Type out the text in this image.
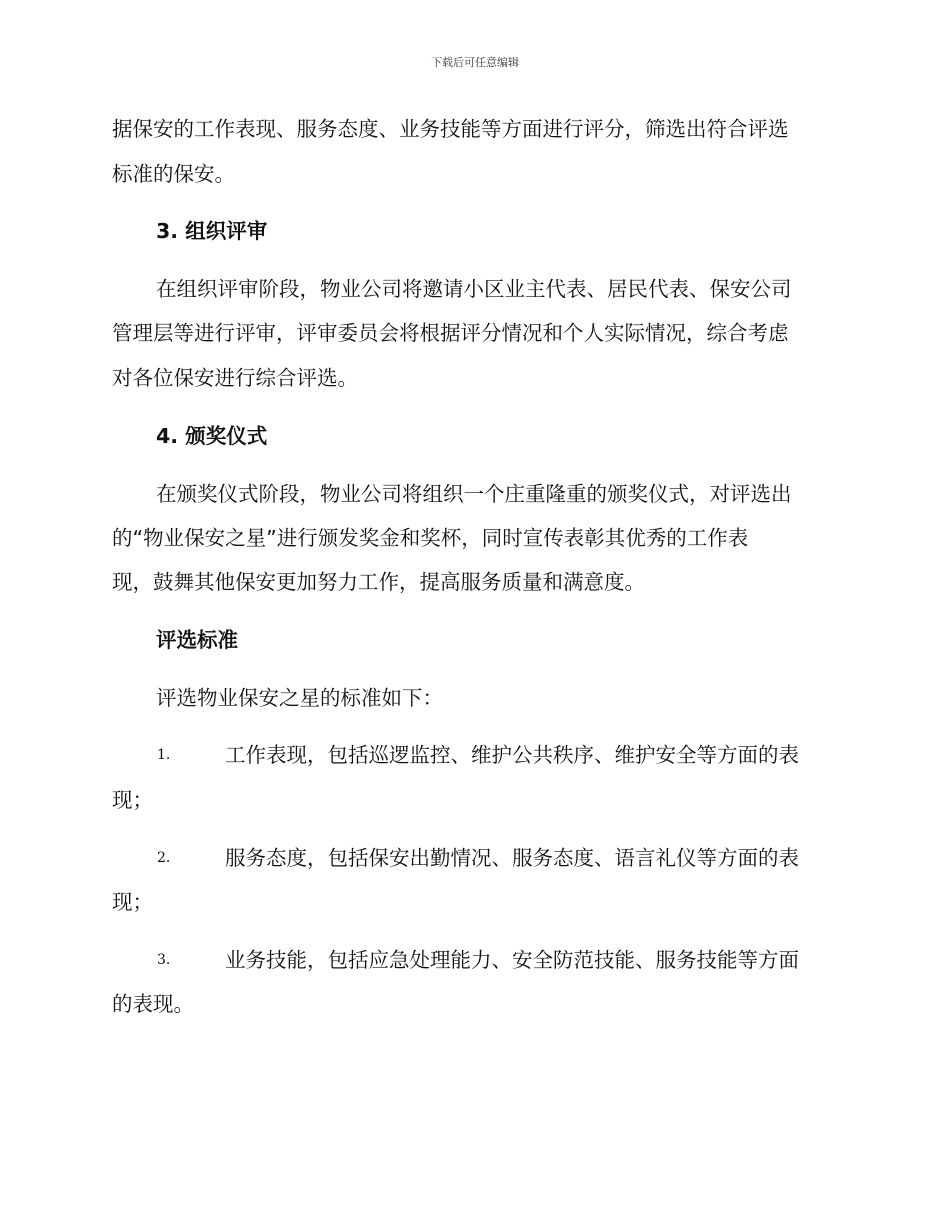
下载后可任意编辑
据保安的工作表现、服务态度、业务技能等方面进行评分，筛选出符合评选
标准的保安。
3. 组织评审
在组织评审阶段，物业公司将邀请小区业主代表、居民代表、保安公司
管理层等进行评审，评审委员会将根据评分情况和个人实际情况，综合考虑
对各位保安进行综合评选。
4. 颁奖仪式
在颁奖仪式阶段，物业公司将组织一个庄重隆重的颁奖仪式，对评选出
的“物业保安之星”进行颁发奖金和奖杯，同时宣传表彰其优秀的工作表
现，鼓舞其他保安更加努力工作，提高服务质量和满意度。
评选标准
评选物业保安之星的标准如下：
1.	工作表现，包括巡逻监控、维护公共秩序、维护安全等方面的表
现；
2.	服务态度，包括保安出勤情况、服务态度、语言礼仪等方面的表
现；
3.	业务技能，包括应急处理能力、安全防范技能、服务技能等方面
的表现。
